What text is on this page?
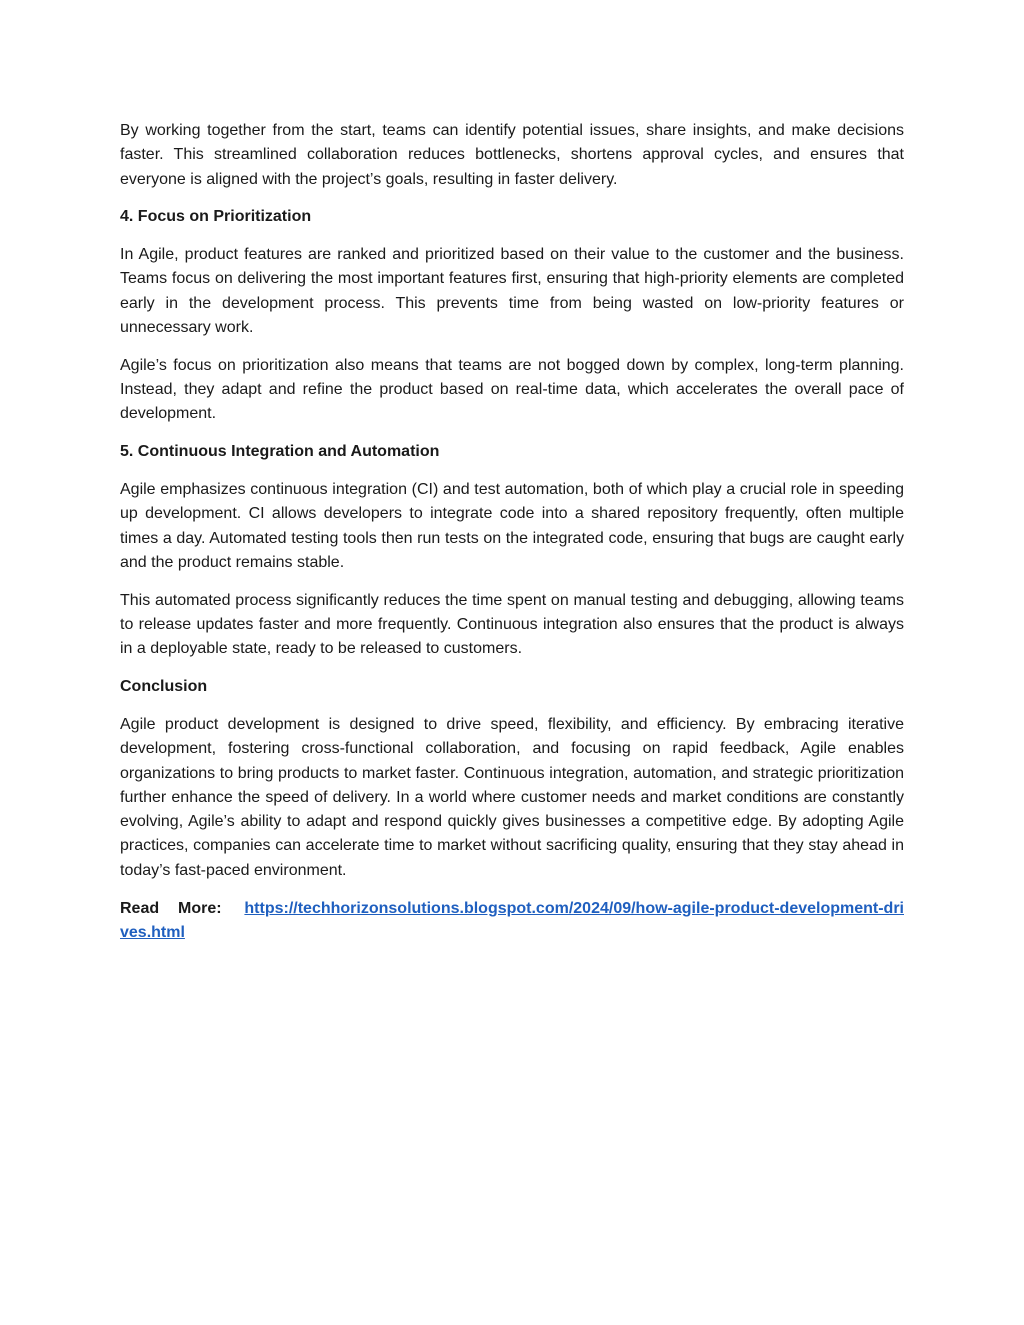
By working together from the start, teams can identify potential issues, share insights, and make decisions faster. This streamlined collaboration reduces bottlenecks, shortens approval cycles, and ensures that everyone is aligned with the project’s goals, resulting in faster delivery.

4. Focus on Prioritization

In Agile, product features are ranked and prioritized based on their value to the customer and the business. Teams focus on delivering the most important features first, ensuring that high-priority elements are completed early in the development process. This prevents time from being wasted on low-priority features or unnecessary work.

Agile’s focus on prioritization also means that teams are not bogged down by complex, long-term planning. Instead, they adapt and refine the product based on real-time data, which accelerates the overall pace of development.

5. Continuous Integration and Automation

Agile emphasizes continuous integration (CI) and test automation, both of which play a crucial role in speeding up development. CI allows developers to integrate code into a shared repository frequently, often multiple times a day. Automated testing tools then run tests on the integrated code, ensuring that bugs are caught early and the product remains stable.

This automated process significantly reduces the time spent on manual testing and debugging, allowing teams to release updates faster and more frequently. Continuous integration also ensures that the product is always in a deployable state, ready to be released to customers.

Conclusion

Agile product development is designed to drive speed, flexibility, and efficiency. By embracing iterative development, fostering cross-functional collaboration, and focusing on rapid feedback, Agile enables organizations to bring products to market faster. Continuous integration, automation, and strategic prioritization further enhance the speed of delivery. In a world where customer needs and market conditions are constantly evolving, Agile’s ability to adapt and respond quickly gives businesses a competitive edge. By adopting Agile practices, companies can accelerate time to market without sacrificing quality, ensuring that they stay ahead in today’s fast-paced environment.

Read More: https://techhorizonsolutions.blogspot.com/2024/09/how-agile-product-development-drives.html
